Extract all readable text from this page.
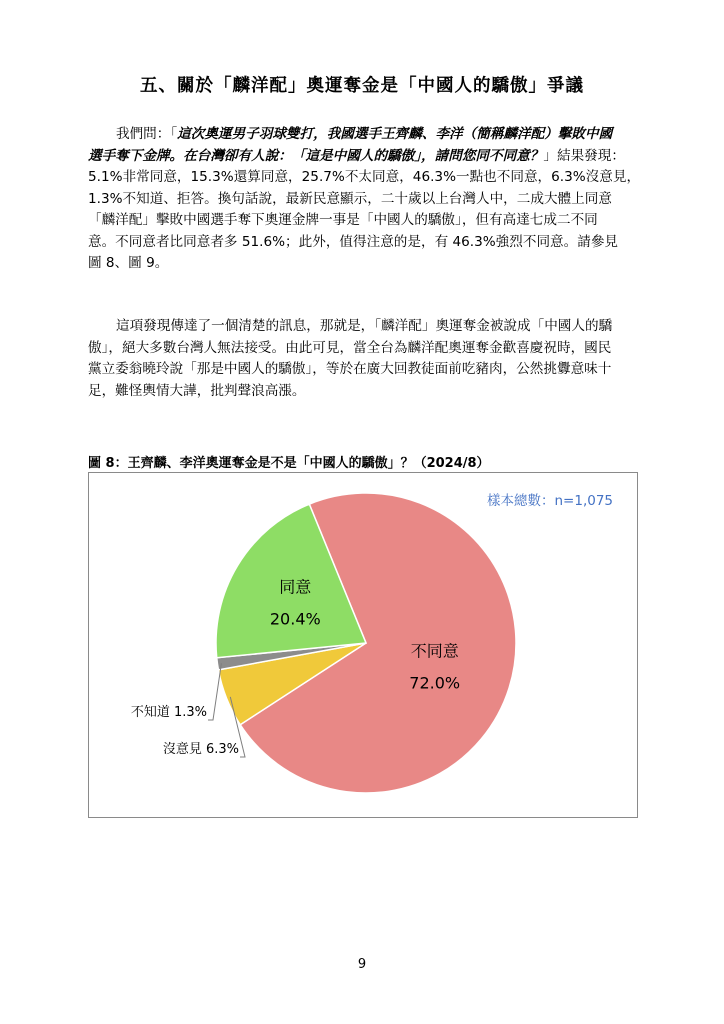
五、關於「麟洋配」奧運奪金是「中國人的驕傲」爭議

我們問：「這次奧運男子羽球雙打，我國選手王齊麟、李洋（簡稱麟洋配）擊敗中國
選手奪下金牌。在台灣卻有人說：「這是中國人的驕傲」，請問您同不同意？」結果發現：
5.1%非常同意，15.3%還算同意，25.7%不太同意，46.3%一點也不同意，6.3%沒意見，
1.3%不知道、拒答。換句話說，最新民意顯示，二十歲以上台灣人中，二成大體上同意
「麟洋配」擊敗中國選手奪下奧運金牌一事是「中國人的驕傲」，但有高達七成二不同
意。不同意者比同意者多 51.6%；此外，值得注意的是，有 46.3%強烈不同意。請參見
圖 8、圖 9。

這項發現傳達了一個清楚的訊息，那就是，「麟洋配」奧運奪金被說成「中國人的驕
傲」，絕大多數台灣人無法接受。由此可見，當全台為麟洋配奧運奪金歡喜慶祝時，國民
黨立委翁曉玲說「那是中國人的驕傲」，等於在廣大回教徒面前吃豬肉，公然挑釁意味十
足，難怪輿情大譁，批判聲浪高漲。

圖 8：王齊麟、李洋奧運奪金是不是「中國人的驕傲」？（2024/8）
樣本總數：n=1,075
不同意
72.0%
沒意見 6.3%
不知道 1.3%
同意
20.4%
9
